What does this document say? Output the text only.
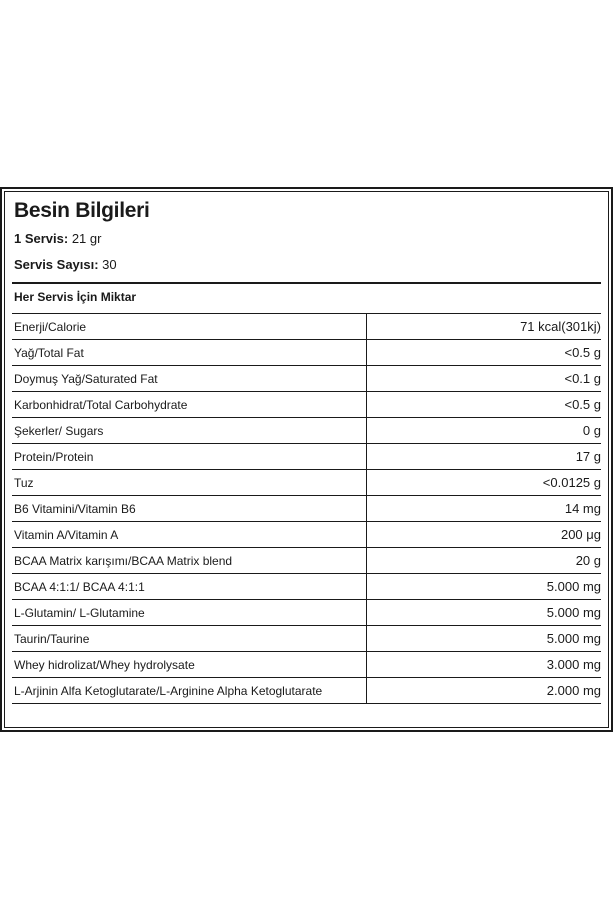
Besin Bilgileri
1 Servis: 21 gr
Servis Sayısı: 30
Her Servis İçin Miktar
Enerji/Calorie	71 kcal(301kj)
Yağ/Total Fat	<0.5 g
Doymuş Yağ/Saturated Fat	<0.1 g
Karbonhidrat/Total Carbohydrate	<0.5 g
Şekerler/ Sugars	0 g
Protein/Protein	17 g
Tuz	<0.0125 g
B6 Vitamini/Vitamin B6	14 mg
Vitamin A/Vitamin A	200 μg
BCAA Matrix karışımı/BCAA Matrix blend	20 g
BCAA 4:1:1/ BCAA 4:1:1	5.000 mg
L-Glutamin/ L-Glutamine	5.000 mg
Taurin/Taurine	5.000 mg
Whey hidrolizat/Whey hydrolysate	3.000 mg
L-Arjinin Alfa Ketoglutarate/L-Arginine Alpha Ketoglutarate	2.000 mg
